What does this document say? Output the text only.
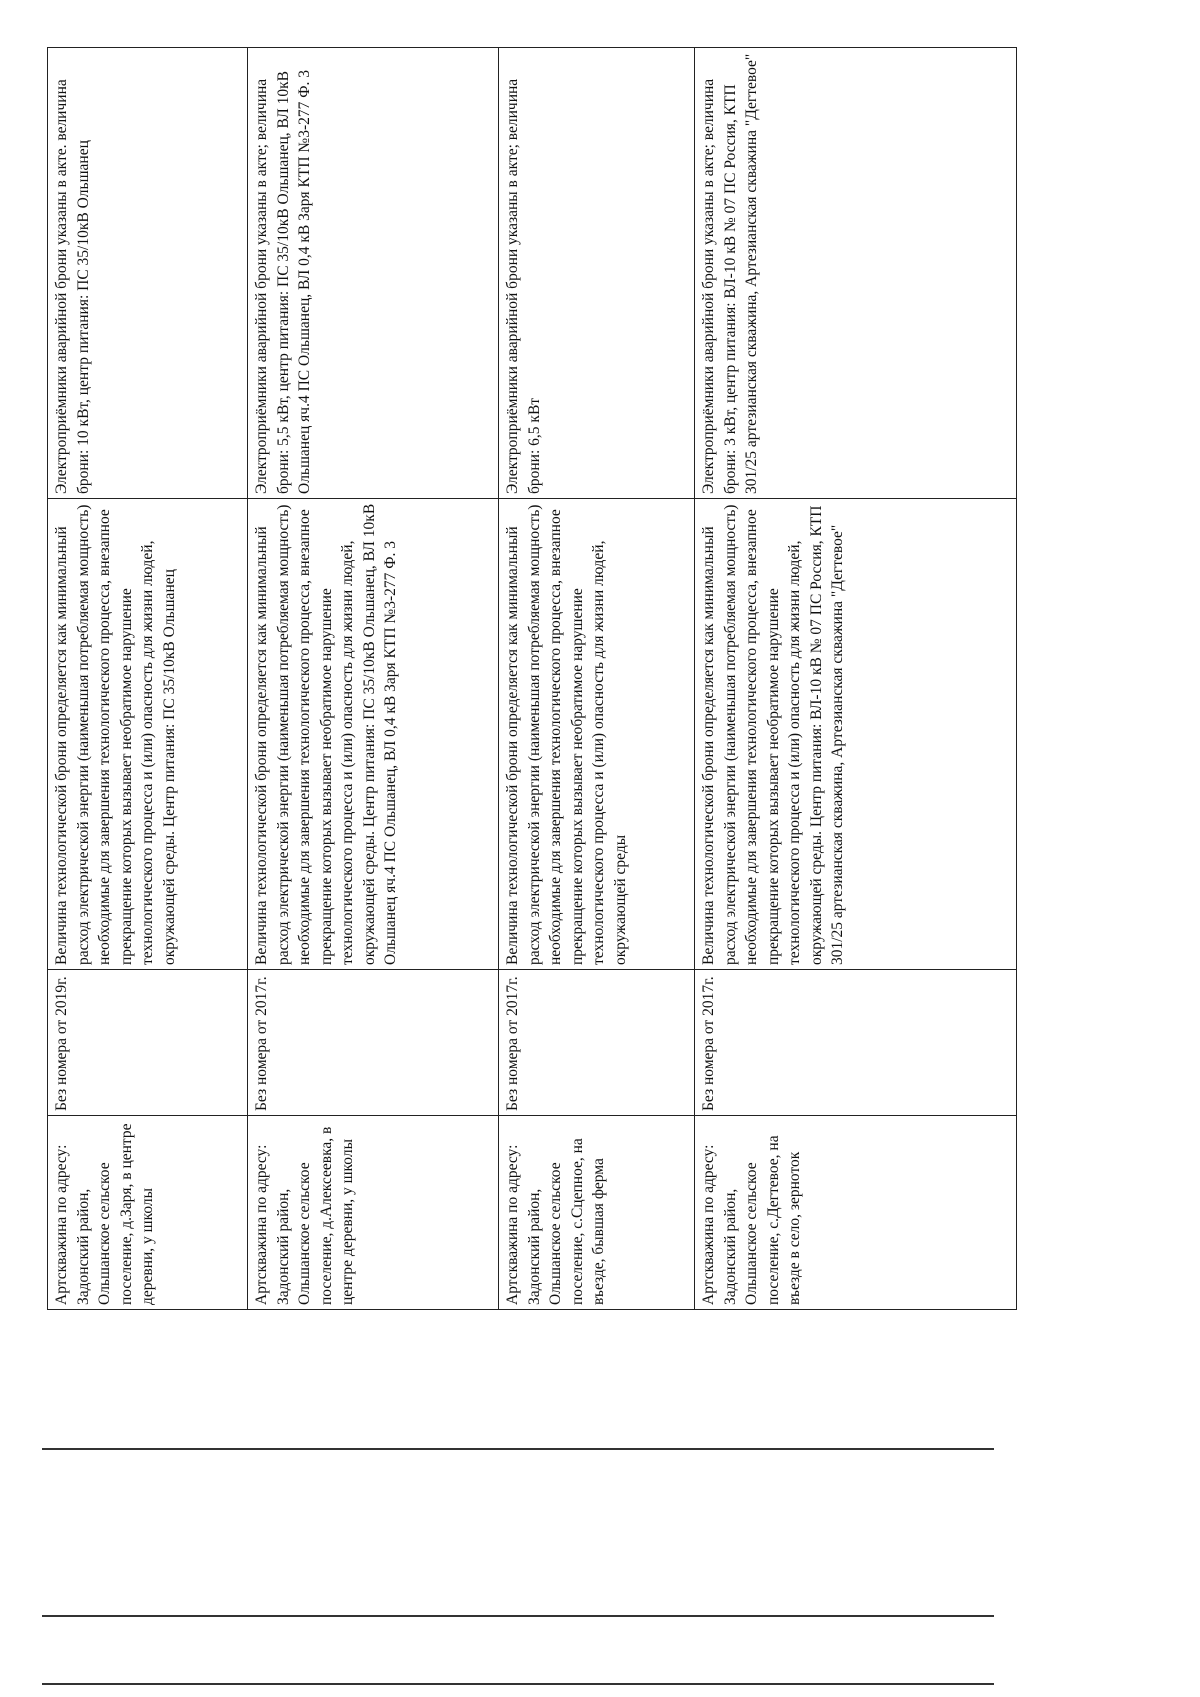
Артскважина по адресу: Задонский район, Ольшанское сельское поселение, д.Заря, в центре деревни, у школы	Без номера от 2019г.	Величина технологической брони определяется как минимальный расход электрической энергии (наименьшая потребляемая мощность) необходимые для завершения технологического процесса, внезапное прекращение которых вызывает необратимое нарушение технологического процесса и (или) опасность для жизни людей, окружающей среды. Центр питания: ПС 35/10кВ Ольшанец	Электроприёмники аварийной брони указаны в акте. величина брони: 10 кВт, центр питания: ПС 35/10кВ Ольшанец
Артскважина по адресу: Задонский район, Ольшанское сельское поселение, д.Алексеевка, в центре деревни, у школы	Без номера от 2017г.	Величина технологической брони определяется как минимальный расход электрической энергии (наименьшая потребляемая мощность) необходимые для завершения технологического процесса, внезапное прекращение которых вызывает необратимое нарушение технологического процесса и (или) опасность для жизни людей, окружающей среды. Центр питания: ПС 35/10кВ Ольшанец, ВЛ 10кВ Ольшанец яч.4 ПС Ольшанец, ВЛ 0,4 кВ Заря КТП №3-277 Ф. 3	Электроприёмники аварийной брони указаны в акте; величина брони: 5,5 кВт, центр питания: ПС 35/10кВ Ольшанец, ВЛ 10кВ Ольшанец яч.4 ПС Ольшанец, ВЛ 0,4 кВ Заря КТП №3-277 Ф. 3
Артскважина по адресу: Задонский район, Ольшанское сельское поселение, с.Сцепное, на въезде, бывшая ферма	Без номера от 2017г.	Величина технологической брони определяется как минимальный расход электрической энергии (наименьшая потребляемая мощность) необходимые для завершения технологического процесса, внезапное прекращение которых вызывает необратимое нарушение технологического процесса и (или) опасность для жизни людей, окружающей среды	Электроприёмники аварийной брони указаны в акте; величина брони: 6,5 кВт
Артскважина по адресу: Задонский район, Ольшанское сельское поселение, с.Дегтевое, на въезде в село, зерноток	Без номера от 2017г.	Величина технологической брони определяется как минимальный расход электрической энергии (наименьшая потребляемая мощность) необходимые для завершения технологического процесса, внезапное прекращение которых вызывает необратимое нарушение технологического процесса и (или) опасность для жизни людей, окружающей среды. Центр питания: ВЛ-10 кВ № 07 ПС Россия, КТП 301/25 артезианская скважина, Артезианская скважина "Дегтевое"	Электроприёмники аварийной брони указаны в акте; величина брони: 3 кВт, центр питания: ВЛ-10 кВ № 07 ПС Россия, КТП 301/25 артезианская скважина, Артезианская скважина "Дегтевое"
